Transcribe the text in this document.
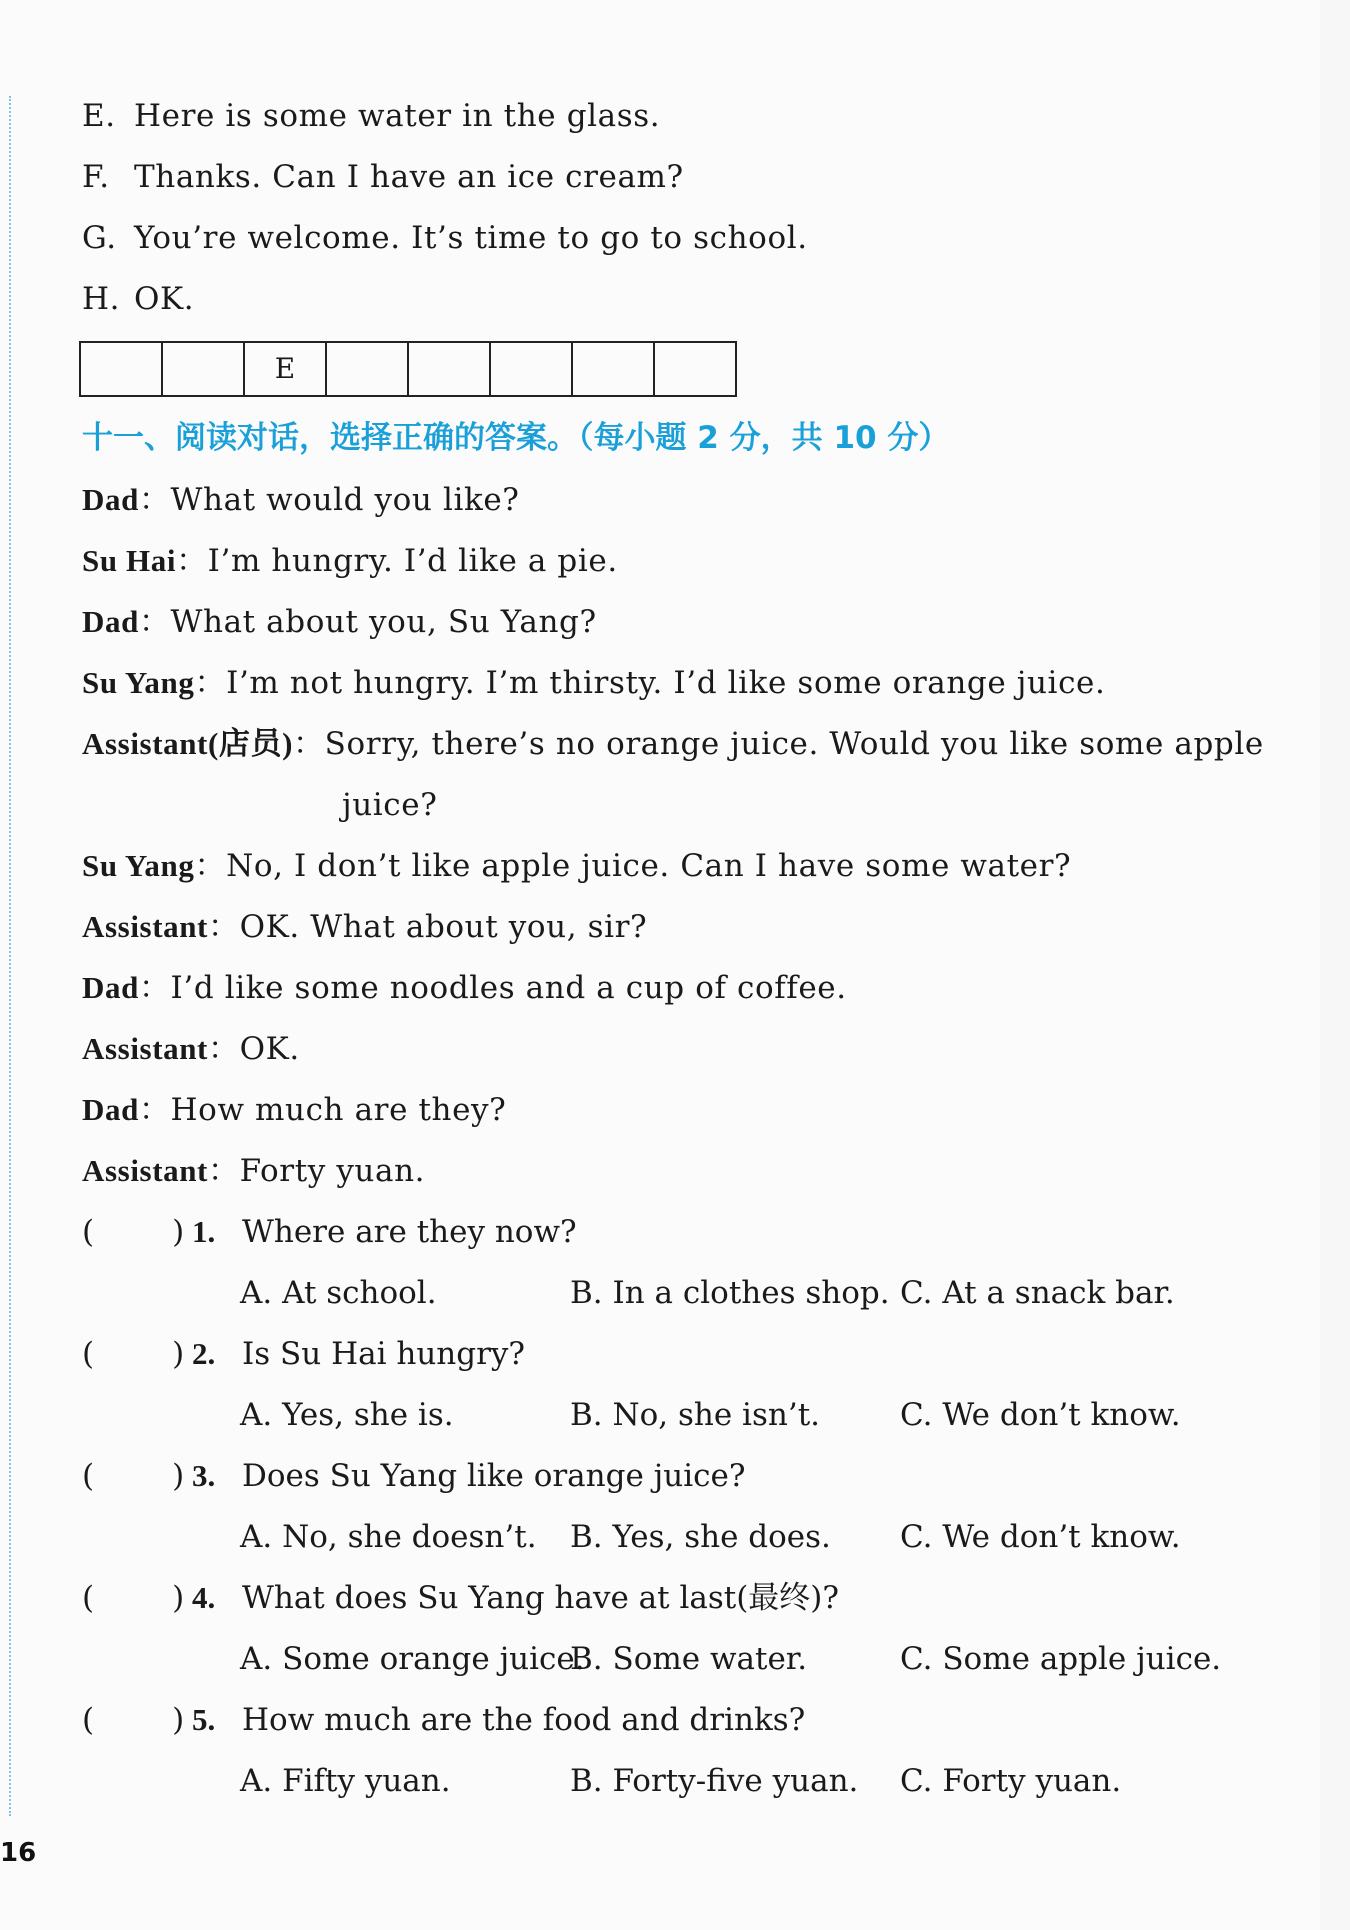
E. Here is some water in the glass.
F. Thanks. Can I have an ice cream?
G. You’re welcome. It’s time to go to school.
H. OK.
E
十一、阅读对话，选择正确的答案。（每小题 2 分，共 10 分）
Dad：What would you like?
Su Hai：I’m hungry. I’d like a pie.
Dad：What about you, Su Yang?
Su Yang：I’m not hungry. I’m thirsty. I’d like some orange juice.
Assistant(店员)：Sorry, there’s no orange juice. Would you like some apple
juice?
Su Yang：No, I don’t like apple juice. Can I have some water?
Assistant：OK. What about you, sir?
Dad：I’d like some noodles and a cup of coffee.
Assistant：OK.
Dad：How much are they?
Assistant：Forty yuan.
(	) 1. Where are they now?
A. At school.	B. In a clothes shop. C. At a snack bar.
(	) 2. Is Su Hai hungry?
A. Yes, she is.	B. No, she isn’t.	C. We don’t know.
(	) 3. Does Su Yang like orange juice?
A. No, she doesn’t. B. Yes, she does. C. We don’t know.
(	) 4. What does Su Yang have at last(最终)?
A. Some orange juice.
B. Some water.	C. Some apple juice.
(	) 5. How much are the food and drinks?
A. Fifty yuan.	B. Forty-five yuan. C. Forty yuan.
16
